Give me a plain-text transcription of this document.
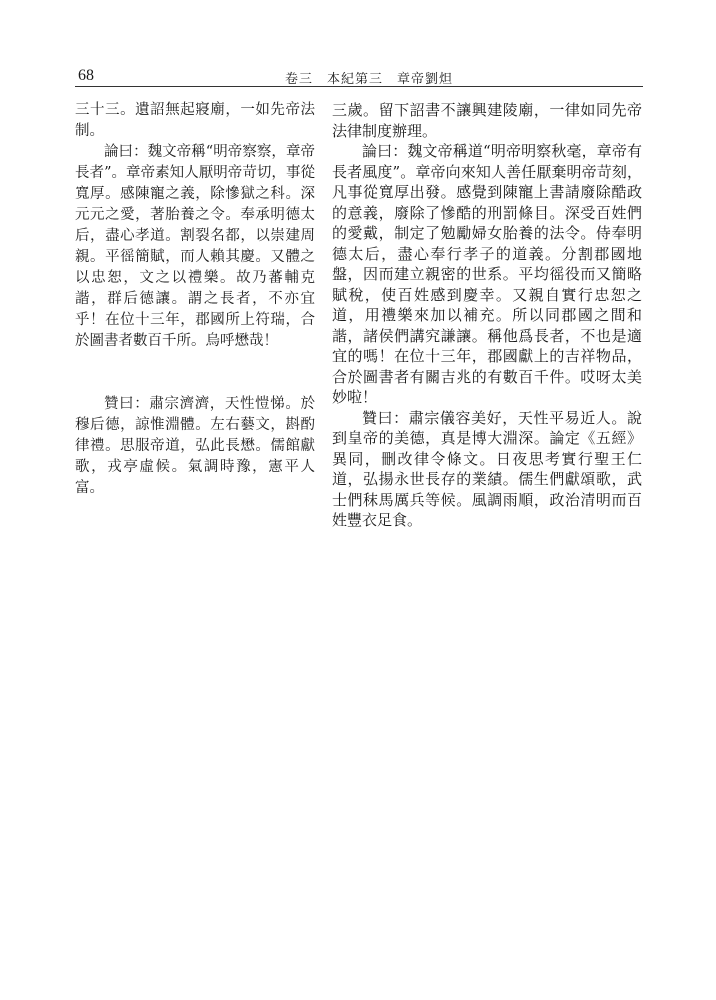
68	卷三　本紀第三　章帝劉炟

三十三。遺詔無起寢廟，一如先帝法制。

論曰：魏文帝稱“明帝察察，章帝長者”。章帝素知人厭明帝苛切，事從寬厚。感陳寵之義，除慘獄之科。深元元之愛，著胎養之令。奉承明德太后，盡心孝道。割裂名都，以崇建周親。平徭簡賦，而人賴其慶。又體之以忠恕，文之以禮樂。故乃蕃輔克諧，群后德讓。謂之長者，不亦宜乎！在位十三年，郡國所上符瑞，合於圖書者數百千所。烏呼懋哉！

贊曰：肅宗濟濟，天性愷悌。於穆后德，諒惟淵體。左右藝文，斟酌律禮。思服帝道，弘此長懋。儒館獻歌，戎亭虛候。氣調時豫，憲平人富。

三歲。留下詔書不讓興建陵廟，一律如同先帝法律制度辦理。

論曰：魏文帝稱道“明帝明察秋毫，章帝有長者風度”。章帝向來知人善任厭棄明帝苛刻，凡事從寬厚出發。感覺到陳寵上書請廢除酷政的意義，廢除了慘酷的刑罰條目。深受百姓們的愛戴，制定了勉勵婦女胎養的法令。侍奉明德太后，盡心奉行孝子的道義。分割郡國地盤，因而建立親密的世系。平均徭役而又簡略賦稅，使百姓感到慶幸。又親自實行忠恕之道，用禮樂來加以補充。所以同郡國之間和諧，諸侯們講究謙讓。稱他爲長者，不也是適宜的嗎！在位十三年，郡國獻上的吉祥物品，合於圖書者有關吉兆的有數百千件。哎呀太美妙啦！

贊曰：肅宗儀容美好，天性平易近人。說到皇帝的美德，真是博大淵深。論定《五經》異同，刪改律令條文。日夜思考實行聖王仁道，弘揚永世長存的業績。儒生們獻頌歌，武士們秣馬厲兵等候。風調雨順，政治清明而百姓豐衣足食。
